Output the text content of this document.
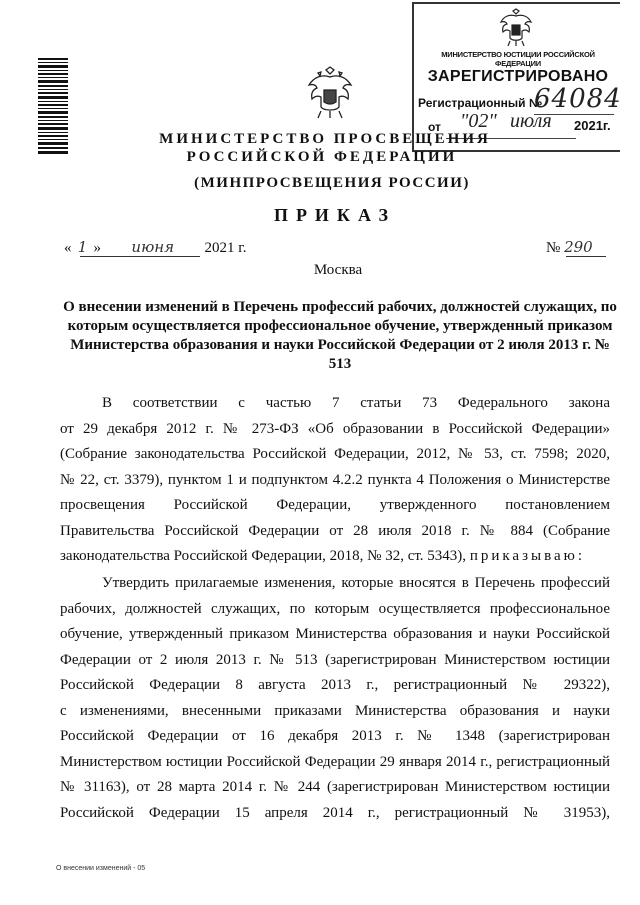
МИНИСТЕРСТВО ЮСТИЦИИ РОССИЙСКОЙ ФЕДЕРАЦИИ
ЗАРЕГИСТРИРОВАНО
Регистрационный №
64084
от "02" июля 2021г.
МИНИСТЕРСТВО ПРОСВЕЩЕНИЯ
РОССИЙСКОЙ ФЕДЕРАЦИИ
(МИНПРОСВЕЩЕНИЯ РОССИИ)
ПРИКАЗ
« 1 » июня 2021 г.	№ 290
Москва
О внесении изменений в Перечень профессий рабочих, должностей служащих, по которым осуществляется профессиональное обучение, утвержденный приказом Министерства образования и науки Российской Федерации от 2 июля 2013 г. № 513
В соответствии с частью 7 статьи 73 Федерального закона
от 29 декабря 2012 г. № 273-ФЗ «Об образовании в Российской Федерации»
(Собрание законодательства Российской Федерации, 2012, № 53, ст. 7598; 2020,
№ 22, ст. 3379), пунктом 1 и подпунктом 4.2.2 пункта 4 Положения о Министерстве
просвещения Российской Федерации, утвержденного постановлением
Правительства Российской Федерации от 28 июля 2018 г. № 884 (Собрание
законодательства Российской Федерации, 2018, № 32, ст. 5343), приказываю:
Утвердить прилагаемые изменения, которые вносятся в Перечень профессий
рабочих, должностей служащих, по которым осуществляется профессиональное
обучение, утвержденный приказом Министерства образования и науки Российской
Федерации от 2 июля 2013 г. № 513 (зарегистрирован Министерством юстиции
Российской Федерации 8 августа 2013 г., регистрационный № 29322),
с изменениями, внесенными приказами Министерства образования и науки
Российской Федерации от 16 декабря 2013 г. № 1348 (зарегистрирован
Министерством юстиции Российской Федерации 29 января 2014 г., регистрационный
№ 31163), от 28 марта 2014 г. № 244 (зарегистрирован Министерством юстиции
Российской Федерации 15 апреля 2014 г., регистрационный № 31953),
О внесении изменений - 05
